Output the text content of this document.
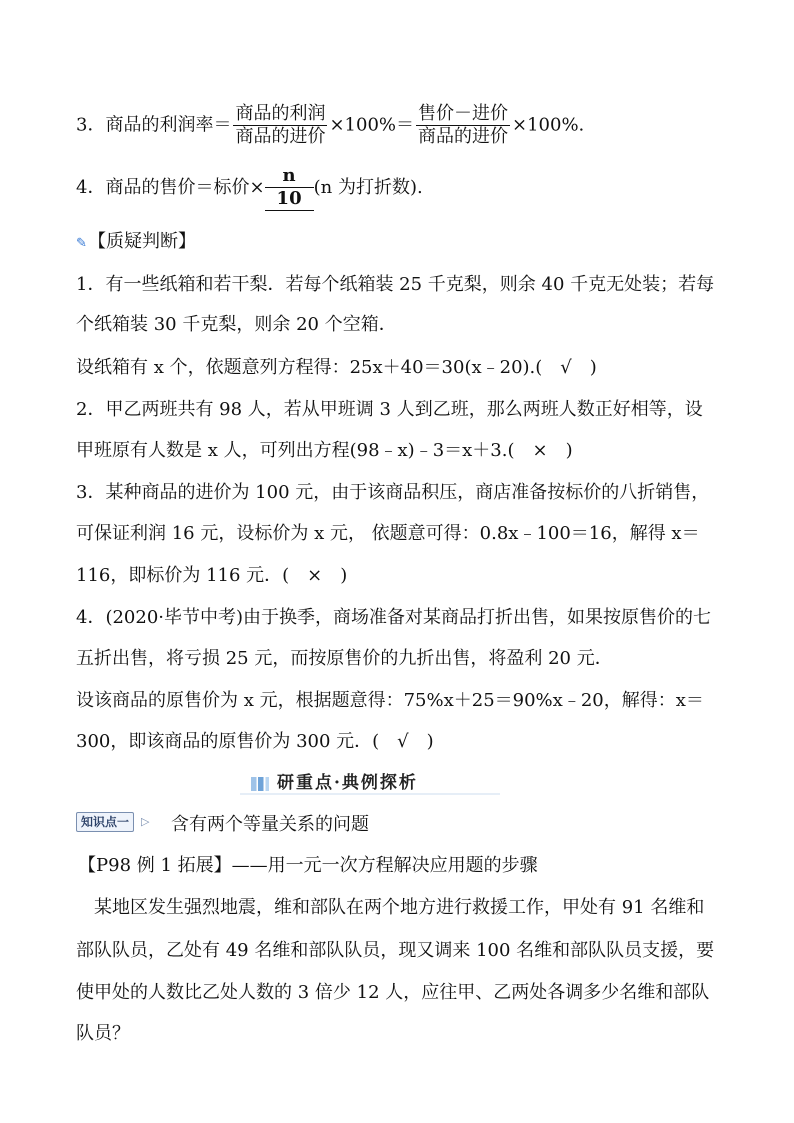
3．商品的利润率＝ $\frac{\text{商品的利润}}{\text{商品的进价}} \times 100\%= \frac{\text{售价－进价}}{\text{商品的进价}} \times 100\%$.
4．商品的售价＝标价× $\frac{n}{10} (n$ 为打折数).
✎【质疑判断】
1．有一些纸箱和若干梨．若每个纸箱装 25 千克梨，则余 40 千克无处装；若每
个纸箱装 30 千克梨，则余 20 个空箱．
设纸箱有 x 个，依题意列方程得：25x＋40＝30(x﹣20).(　√　)
2．甲乙两班共有 98 人，若从甲班调 3 人到乙班，那么两班人数正好相等，设
甲班原有人数是 x 人，可列出方程(98﹣x)﹣3＝x＋3.(　×　)
3．某种商品的进价为 100 元，由于该商品积压，商店准备按标价的八折销售，
可保证利润 16 元，设标价为 x 元， 依题意可得：0.8x﹣100＝16，解得 x＝
116，即标价为 116 元．(　×　)
4．(2020·毕节中考)由于换季，商场准备对某商品打折出售，如果按原售价的七
五折出售，将亏损 25 元，而按原售价的九折出售，将盈利 20 元．
设该商品的原售价为 x 元，根据题意得：75%x＋25＝90%x﹣20，解得：x＝
300，即该商品的原售价为 300 元．(　√　)
研重点·典例探析
知识点一	▷ 含有两个等量关系的问题
【P98 例 1 拓展】——用一元一次方程解决应用题的步骤
某地区发生强烈地震，维和部队在两个地方进行救援工作，甲处有 91 名维和
部队队员，乙处有 49 名维和部队队员，现又调来 100 名维和部队队员支援，要
使甲处的人数比乙处人数的 3 倍少 12 人，应往甲、乙两处各调多少名维和部队
队员？
